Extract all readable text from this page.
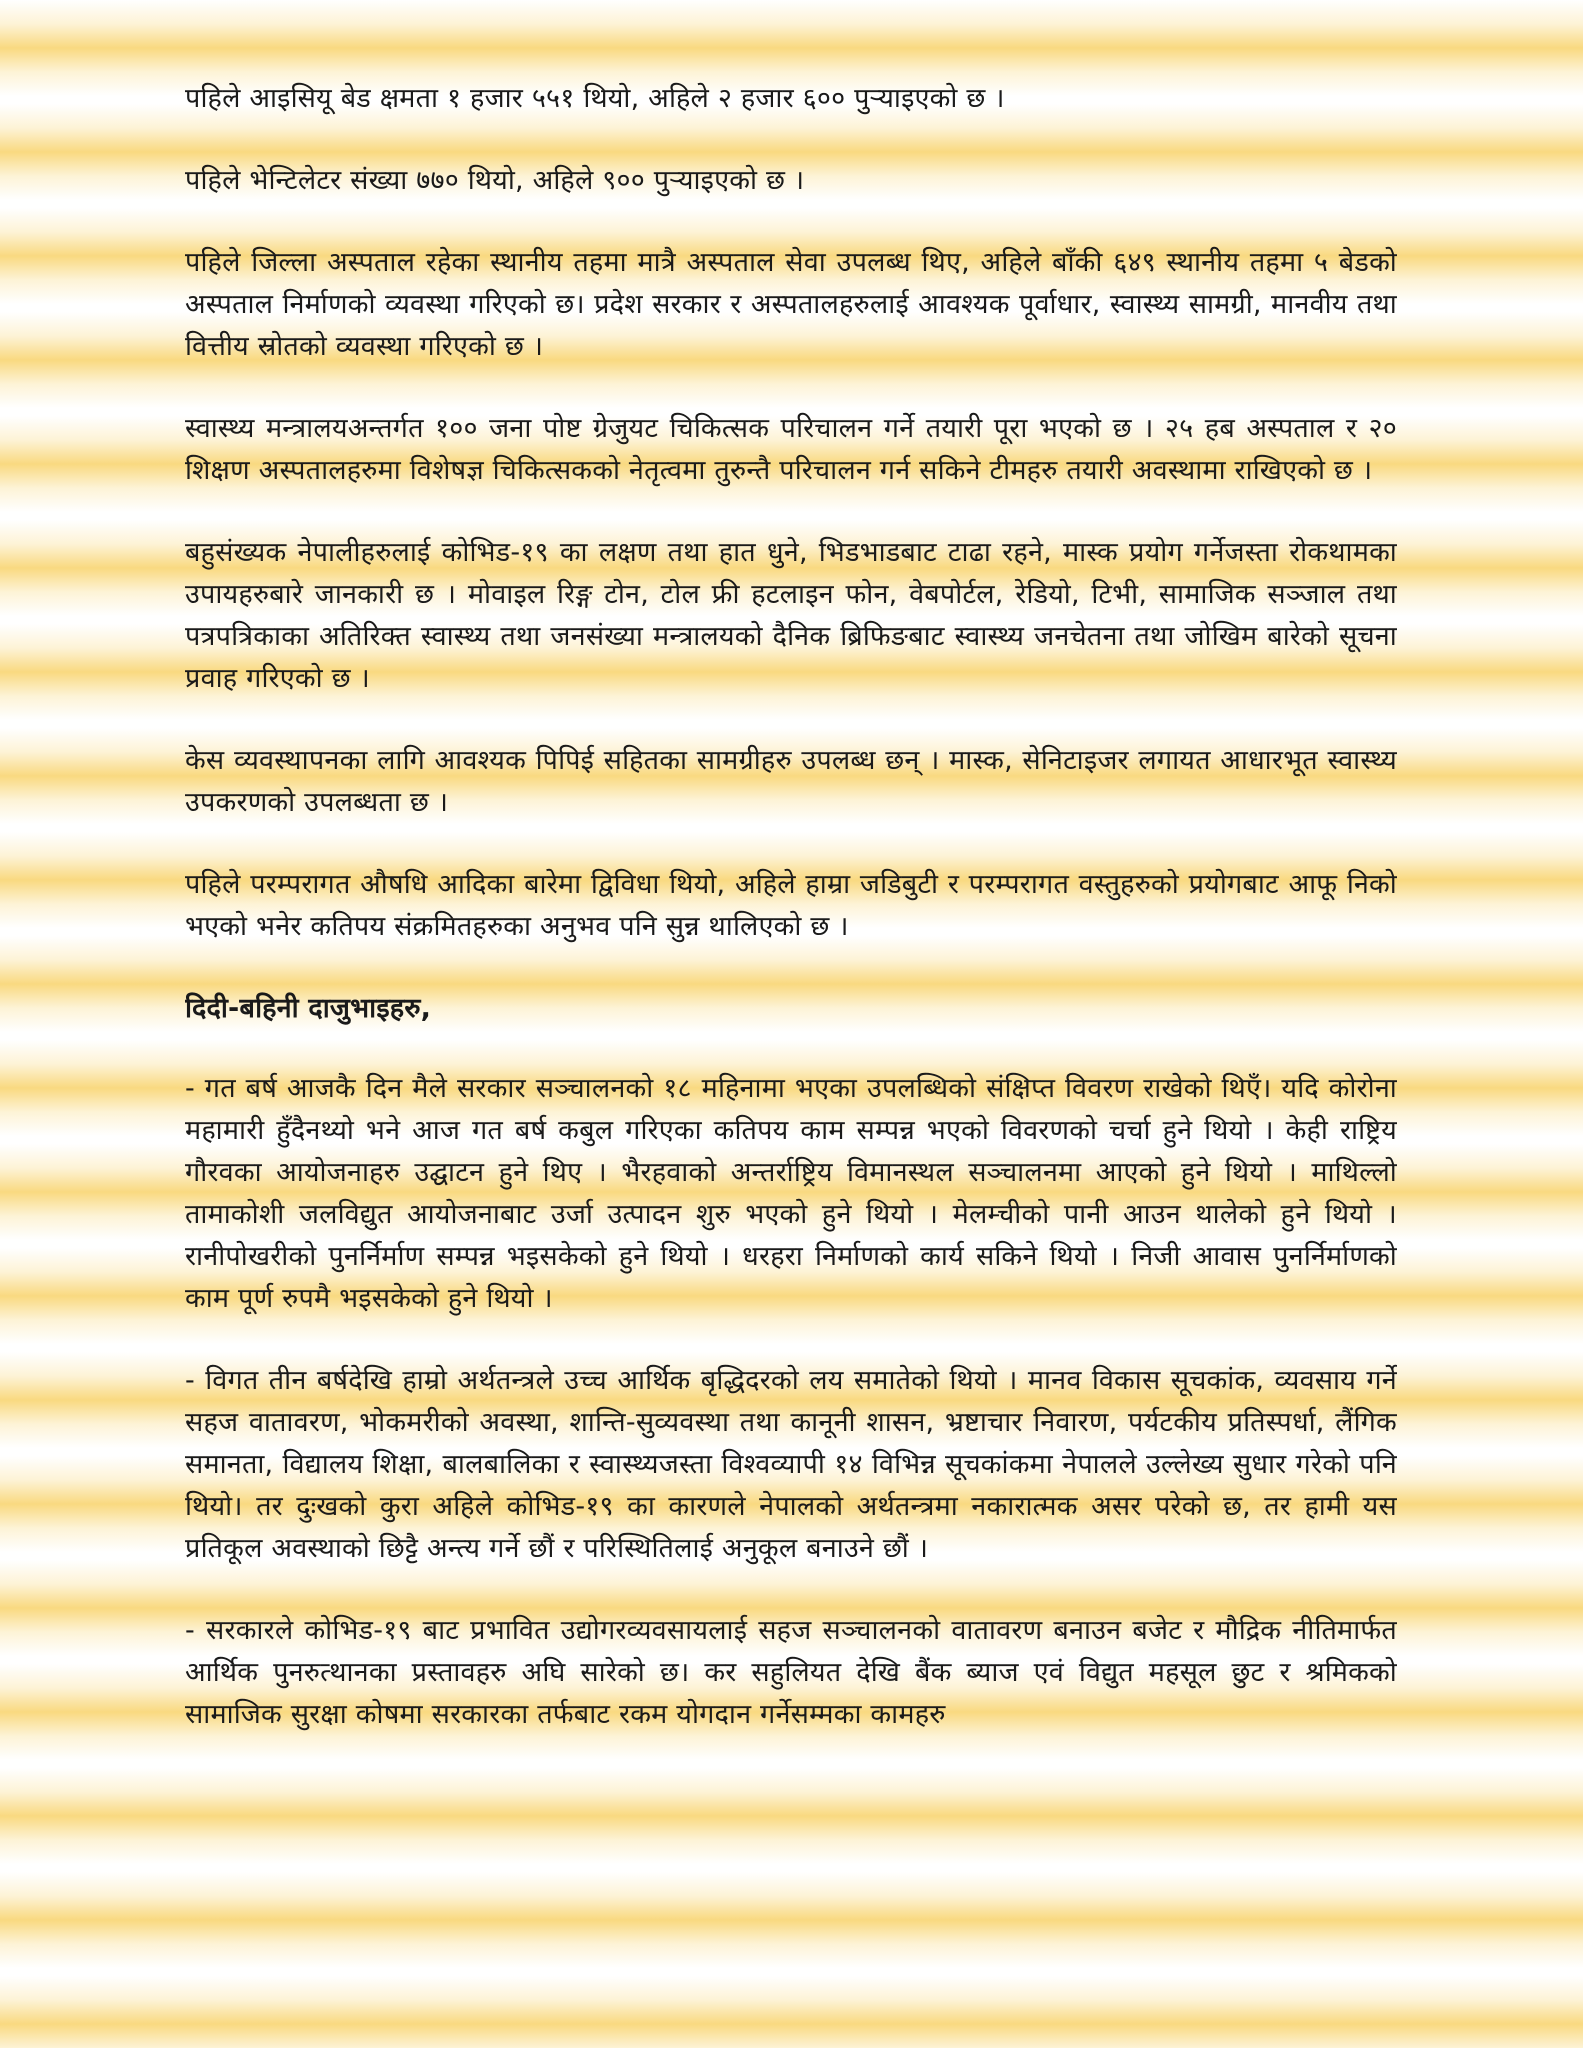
पहिले आइसियू बेड क्षमता १ हजार ५५१ थियो, अहिले २ हजार ६०० पुऱ्याइएको छ ।

पहिले भेन्टिलेटर संख्या ७७० थियो, अहिले ९०० पुऱ्याइएको छ ।

पहिले जिल्ला अस्पताल रहेका स्थानीय तहमा मात्रै अस्पताल सेवा उपलब्ध थिए, अहिले बाँकी ६४९ स्थानीय तहमा ५ बेडको अस्पताल निर्माणको व्यवस्था गरिएको छ। प्रदेश सरकार र अस्पतालहरुलाई आवश्यक पूर्वाधार, स्वास्थ्य सामग्री, मानवीय तथा वित्तीय स्रोतको व्यवस्था गरिएको छ ।

स्वास्थ्य मन्त्रालयअन्तर्गत १०० जना पोष्ट ग्रेजुयट चिकित्सक परिचालन गर्ने तयारी पूरा भएको छ । २५ हब अस्पताल र २० शिक्षण अस्पतालहरुमा विशेषज्ञ चिकित्सकको नेतृत्वमा तुरुन्तै परिचालन गर्न सकिने टीमहरु तयारी अवस्थामा राखिएको छ ।

बहुसंख्यक नेपालीहरुलाई कोभिड-१९ का लक्षण तथा हात धुने, भिडभाडबाट टाढा रहने, मास्क प्रयोग गर्नेजस्ता रोकथामका उपायहरुबारे जानकारी छ । मोवाइल रिङ्ग टोन, टोल फ्री हटलाइन फोन, वेबपोर्टल, रेडियो, टिभी, सामाजिक सञ्जाल तथा पत्रपत्रिकाका अतिरिक्त स्वास्थ्य तथा जनसंख्या मन्त्रालयको दैनिक ब्रिफिङबाट स्वास्थ्य जनचेतना तथा जोखिम बारेको सूचना प्रवाह गरिएको छ ।

केस व्यवस्थापनका लागि आवश्यक पिपिई सहितका सामग्रीहरु उपलब्ध छन् । मास्क, सेनिटाइजर लगायत आधारभूत स्वास्थ्य उपकरणको उपलब्धता छ ।

पहिले परम्परागत औषधि आदिका बारेमा द्विविधा थियो, अहिले हाम्रा जडिबुटी र परम्परागत वस्तुहरुको प्रयोगबाट आफू निको भएको भनेर कतिपय संक्रमितहरुका अनुभव पनि सुन्न थालिएको छ ।

दिदी-बहिनी दाजुभाइहरु,

- गत बर्ष आजकै दिन मैले सरकार सञ्चालनको १८ महिनामा भएका उपलब्धिको संक्षिप्त विवरण राखेको थिएँ। यदि कोरोना महामारी हुँदैनथ्यो भने आज गत बर्ष कबुल गरिएका कतिपय काम सम्पन्न भएको विवरणको चर्चा हुने थियो । केही राष्ट्रिय गौरवका आयोजनाहरु उद्घाटन हुने थिए । भैरहवाको अन्तर्राष्ट्रिय विमानस्थल सञ्चालनमा आएको हुने थियो । माथिल्लो तामाकोशी जलविद्युत आयोजनाबाट उर्जा उत्पादन शुरु भएको हुने थियो । मेलम्चीको पानी आउन थालेको हुने थियो । रानीपोखरीको पुनर्निर्माण सम्पन्न भइसकेको हुने थियो । धरहरा निर्माणको कार्य सकिने थियो । निजी आवास पुनर्निर्माणको काम पूर्ण रुपमै भइसकेको हुने थियो ।

- विगत तीन बर्षदेखि हाम्रो अर्थतन्त्रले उच्च आर्थिक बृद्धिदरको लय समातेको थियो । मानव विकास सूचकांक, व्यवसाय गर्ने सहज वातावरण, भोकमरीको अवस्था, शान्ति-सुव्यवस्था तथा कानूनी शासन, भ्रष्टाचार निवारण, पर्यटकीय प्रतिस्पर्धा, लैंगिक समानता, विद्यालय शिक्षा, बालबालिका र स्वास्थ्यजस्ता विश्वव्यापी १४ विभिन्न सूचकांकमा नेपालले उल्लेख्य सुधार गरेको पनि थियो। तर दुःखको कुरा अहिले कोभिड-१९ का कारणले नेपालको अर्थतन्त्रमा नकारात्मक असर परेको छ, तर हामी यस प्रतिकूल अवस्थाको छिट्टै अन्त्य गर्ने छौं र परिस्थितिलाई अनुकूल बनाउने छौं ।

- सरकारले कोभिड-१९ बाट प्रभावित उद्योगरव्यवसायलाई सहज सञ्चालनको वातावरण बनाउन बजेट र मौद्रिक नीतिमार्फत आर्थिक पुनरुत्थानका प्रस्तावहरु अघि सारेको छ। कर सहुलियत देखि बैंक ब्याज एवं विद्युत महसूल छुट र श्रमिकको सामाजिक सुरक्षा कोषमा सरकारका तर्फबाट रकम योगदान गर्नेसम्मका कामहरु
